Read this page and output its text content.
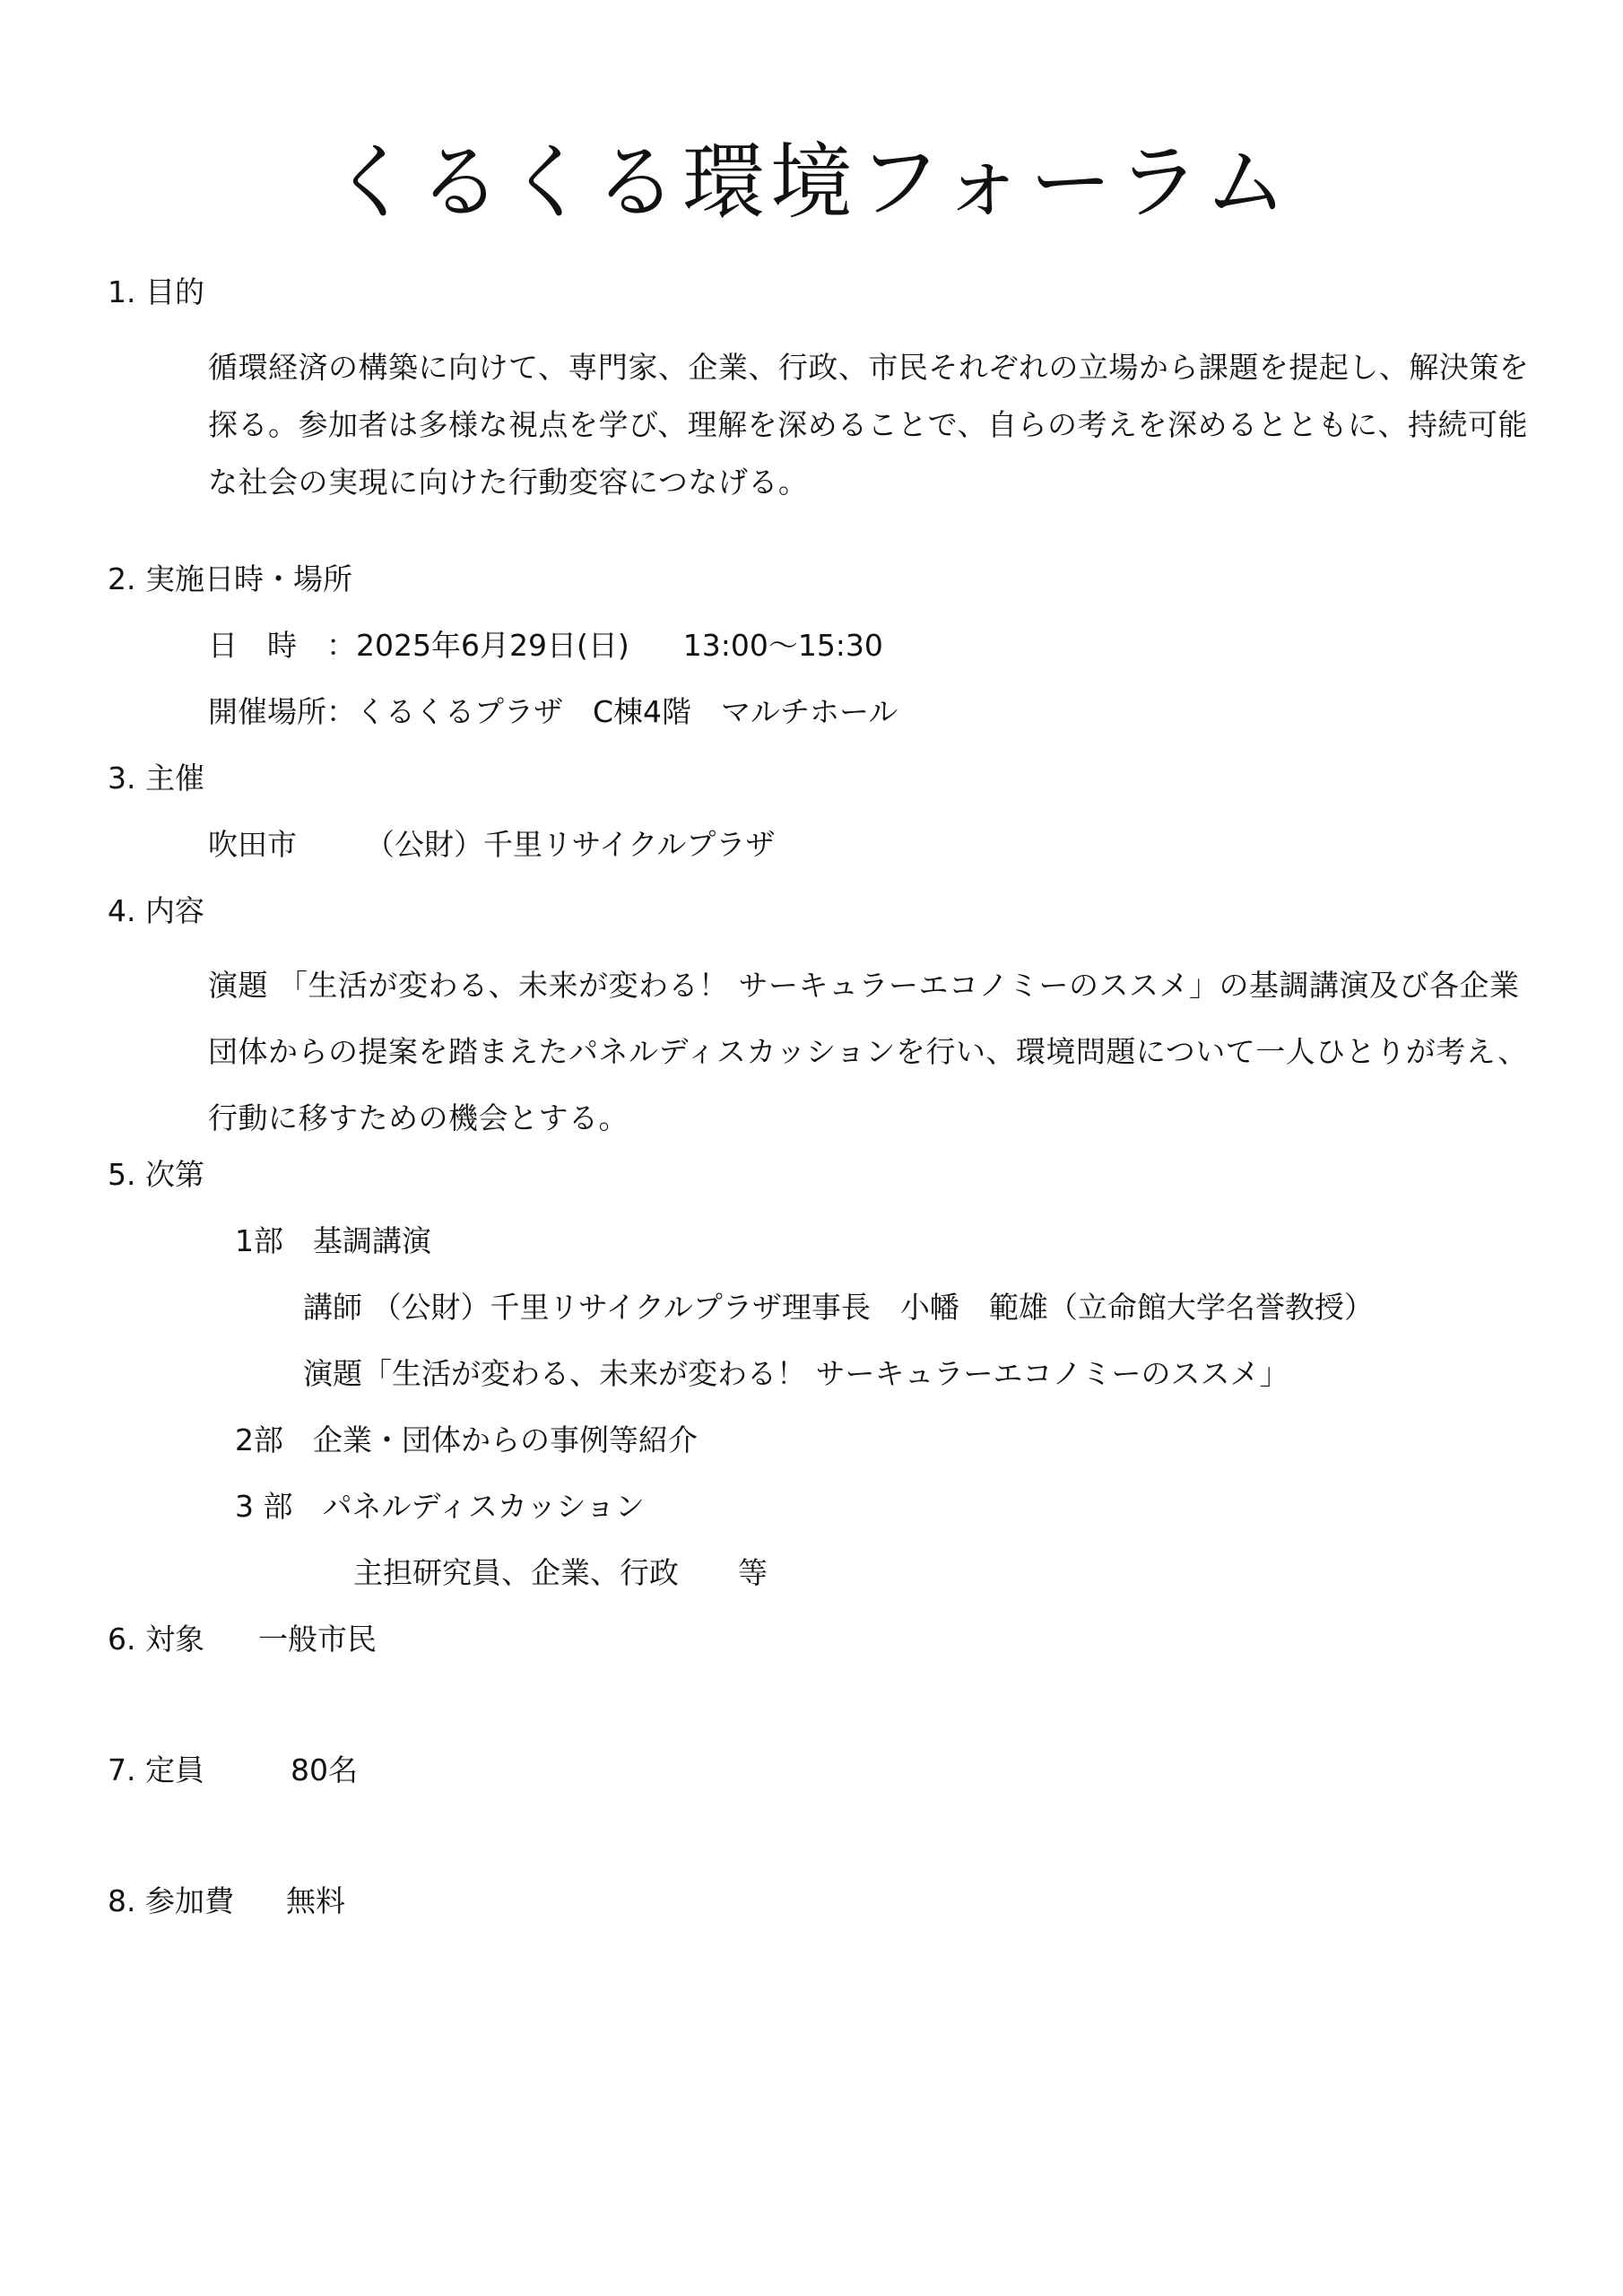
くるくる環境フォーラム
1. 目的
循環経済の構築に向けて、専門家、企業、行政、市民それぞれの立場から課題を提起し、解決策を探る。参加者は多様な視点を学び、理解を深めることで、自らの考えを深めるとともに、持続可能な社会の実現に向けた行動変容につなげる。
2. 実施日時・場所
日　時　：2025年6月29日(日) 13:00～15:30
開催場所：くるくるプラザ　C棟4階　マルチホール
3. 主催
吹田市 （公財）千里リサイクルプラザ
4. 内容
演題 「生活が変わる、未来が変わる！ サーキュラーエコノミーのススメ」の基調講演及び各企業団体からの提案を踏まえたパネルディスカッションを行い、環境問題について一人ひとりが考え、行動に移すための機会とする。
5. 次第
1部　基調講演
講師 （公財）千里リサイクルプラザ理事長　小幡　範雄（立命館大学名誉教授）
演題「生活が変わる、未来が変わる！ サーキュラーエコノミーのススメ」
2部　企業・団体からの事例等紹介
3 部　パネルディスカッション
主担研究員、企業、行政　　等
6. 対象 一般市民
7. 定員	80名
8. 参加費 無料
